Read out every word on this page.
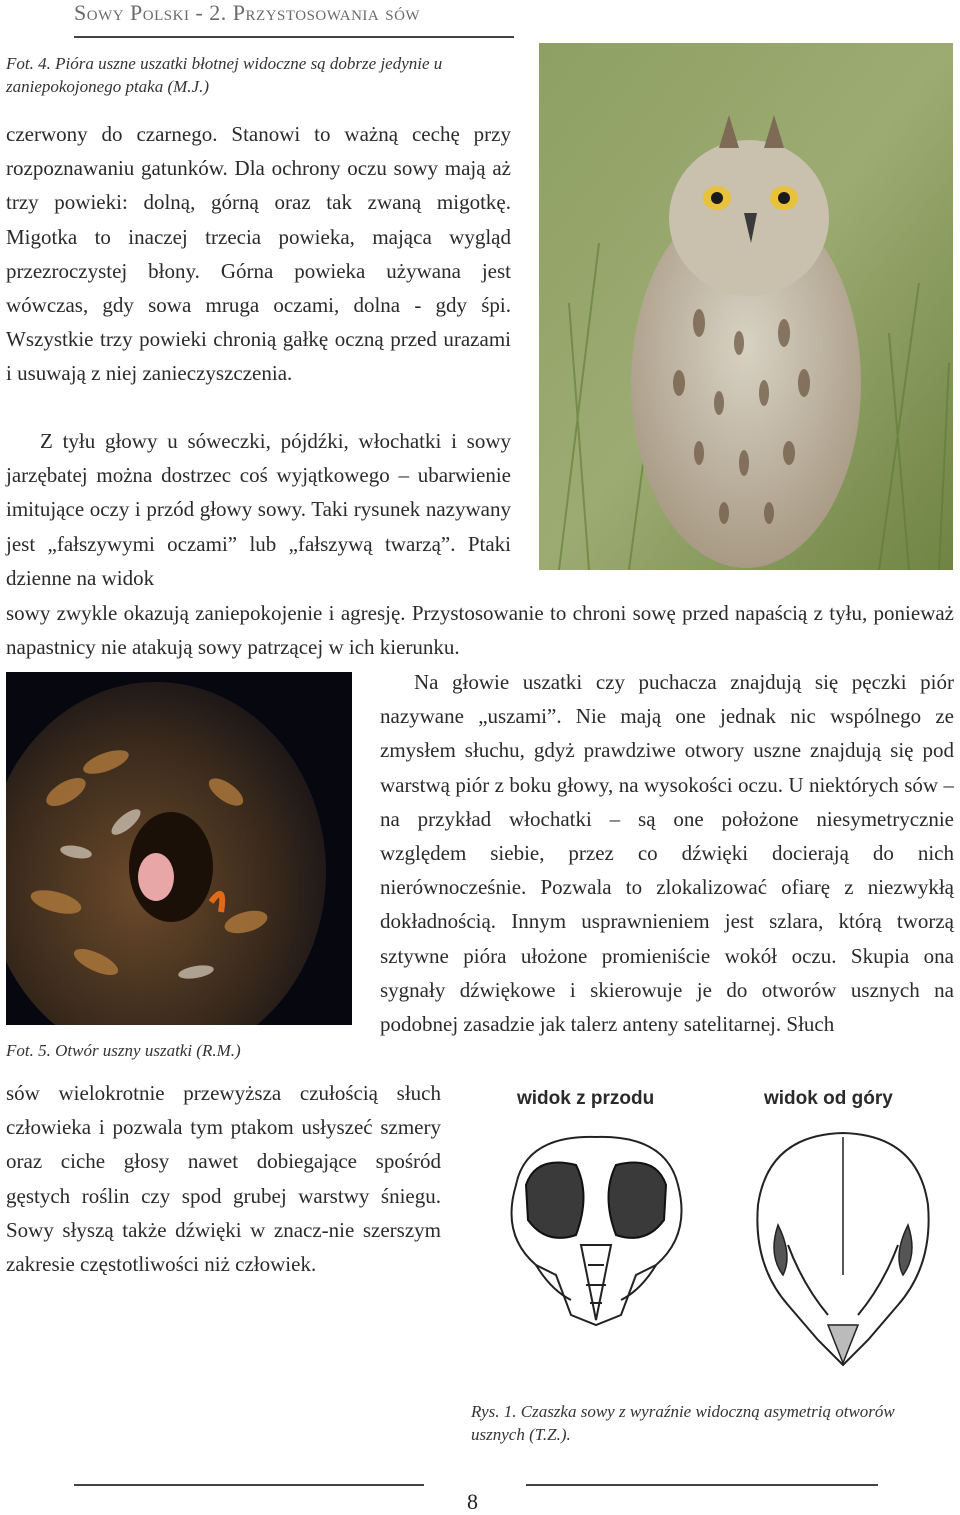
Sowy Polski - 2. Przystosowania sów
Fot. 4. Pióra uszne uszatki błotnej widoczne są dobrze jedynie u zaniepokojonego ptaka (M.J.)
czerwony do czarnego. Stanowi to ważną cechę przy rozpoznawaniu gatunków. Dla ochrony oczu sowy mają aż trzy powieki: dolną, górną oraz tak zwaną migotkę. Migotka to inaczej trzecia powieka, mająca wygląd przezroczystej błony. Górna powieka używana jest wówczas, gdy sowa mruga oczami, dolna - gdy śpi. Wszystkie trzy powieki chronią gałkę oczną przed urazami i usuwają z niej zanieczyszczenia.
Z tyłu głowy u sóweczki, pójdźki, włochatki i sowy jarzębatej można dostrzec coś wyjątkowego – ubarwienie imitujące oczy i przód głowy sowy. Taki rysunek nazywany jest „fałszywymi oczami” lub „fałszywą twarzą”. Ptaki dzienne na widok
sowy zwykle okazują zaniepokojenie i agresję. Przystosowanie to chroni sowę przed napaścią z tyłu, ponieważ napastnicy nie atakują sowy patrzącej w ich kierunku.
Fot. 5. Otwór uszny uszatki (R.M.)
Na głowie uszatki czy puchacza znajdują się pęczki piór nazywane „uszami”. Nie mają one jednak nic wspólnego ze zmysłem słuchu, gdyż prawdziwe otwory uszne znajdują się pod warstwą piór z boku głowy, na wysokości oczu. U niektórych sów – na przykład włochatki – są one położone niesymetrycznie względem siebie, przez co dźwięki docierają do nich nierównocześnie. Pozwala to zlokalizować ofiarę z niezwykłą dokładnością. Innym usprawnieniem jest szlara, którą tworzą sztywne pióra ułożone promieniście wokół oczu. Skupia ona sygnały dźwiękowe i skierowuje je do otworów usznych na podobnej zasadzie jak talerz anteny satelitarnej. Słuch
sów wielokrotnie przewyższa czułością słuch człowieka i pozwala tym ptakom usłyszeć szmery oraz ciche głosy nawet dobiegające spośród gęstych roślin czy spod grubej warstwy śniegu. Sowy słyszą także dźwięki w znacz-nie szerszym zakresie częstotliwości niż człowiek.
widok z przodu	widok od góry
Rys. 1. Czaszka sowy z wyraźnie widoczną asymetrią otworów usznych (T.Z.).
8
